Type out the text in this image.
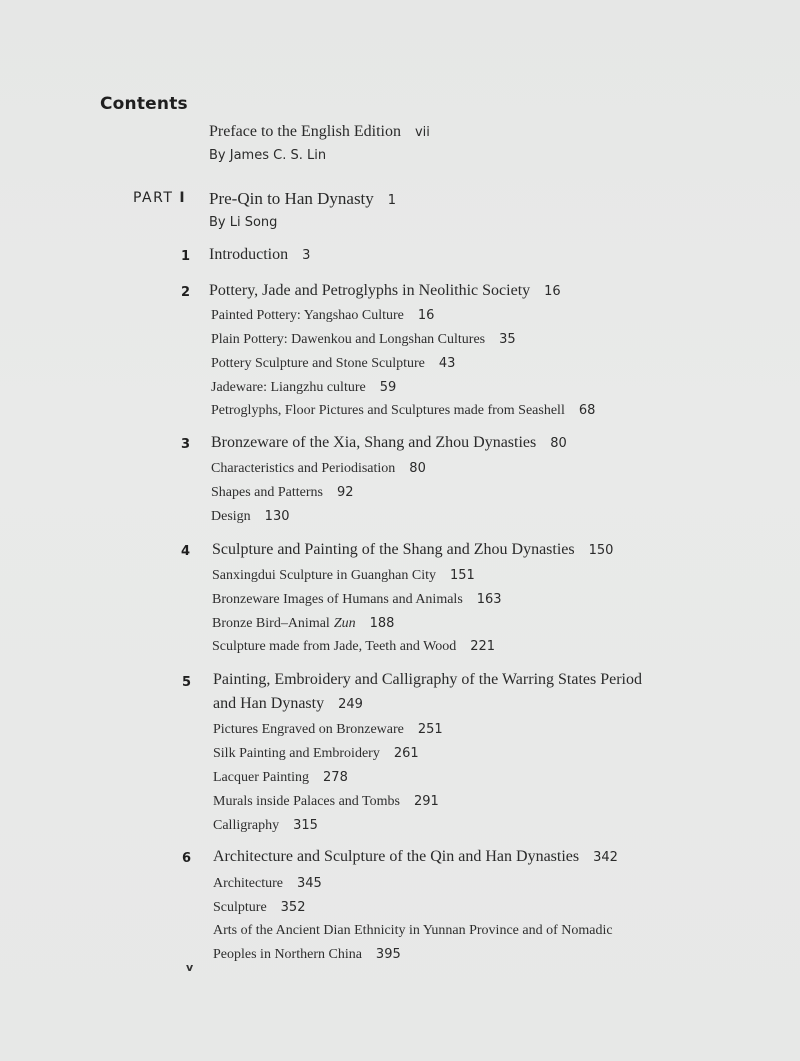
Contents
Preface to the English Edition vii
By James C. S. Lin
PART I Pre-Qin to Han Dynasty 1
By Li Song
1 Introduction 3
2 Pottery, Jade and Petroglyphs in Neolithic Society 16
Painted Pottery: Yangshao Culture 16
Plain Pottery: Dawenkou and Longshan Cultures 35
Pottery Sculpture and Stone Sculpture 43
Jadeware: Liangzhu culture 59
Petroglyphs, Floor Pictures and Sculptures made from Seashell 68
3 Bronzeware of the Xia, Shang and Zhou Dynasties 80
Characteristics and Periodisation 80
Shapes and Patterns 92
Design 130
4 Sculpture and Painting of the Shang and Zhou Dynasties 150
Sanxingdui Sculpture in Guanghan City 151
Bronzeware Images of Humans and Animals 163
Bronze Bird–Animal Zun 188
Sculpture made from Jade, Teeth and Wood 221
5 Painting, Embroidery and Calligraphy of the Warring States Period
and Han Dynasty 249
Pictures Engraved on Bronzeware 251
Silk Painting and Embroidery 261
Lacquer Painting 278
Murals inside Palaces and Tombs 291
Calligraphy 315
6 Architecture and Sculpture of the Qin and Han Dynasties 342
Architecture 345
Sculpture 352
Arts of the Ancient Dian Ethnicity in Yunnan Province and of Nomadic
Peoples in Northern China 395
v
